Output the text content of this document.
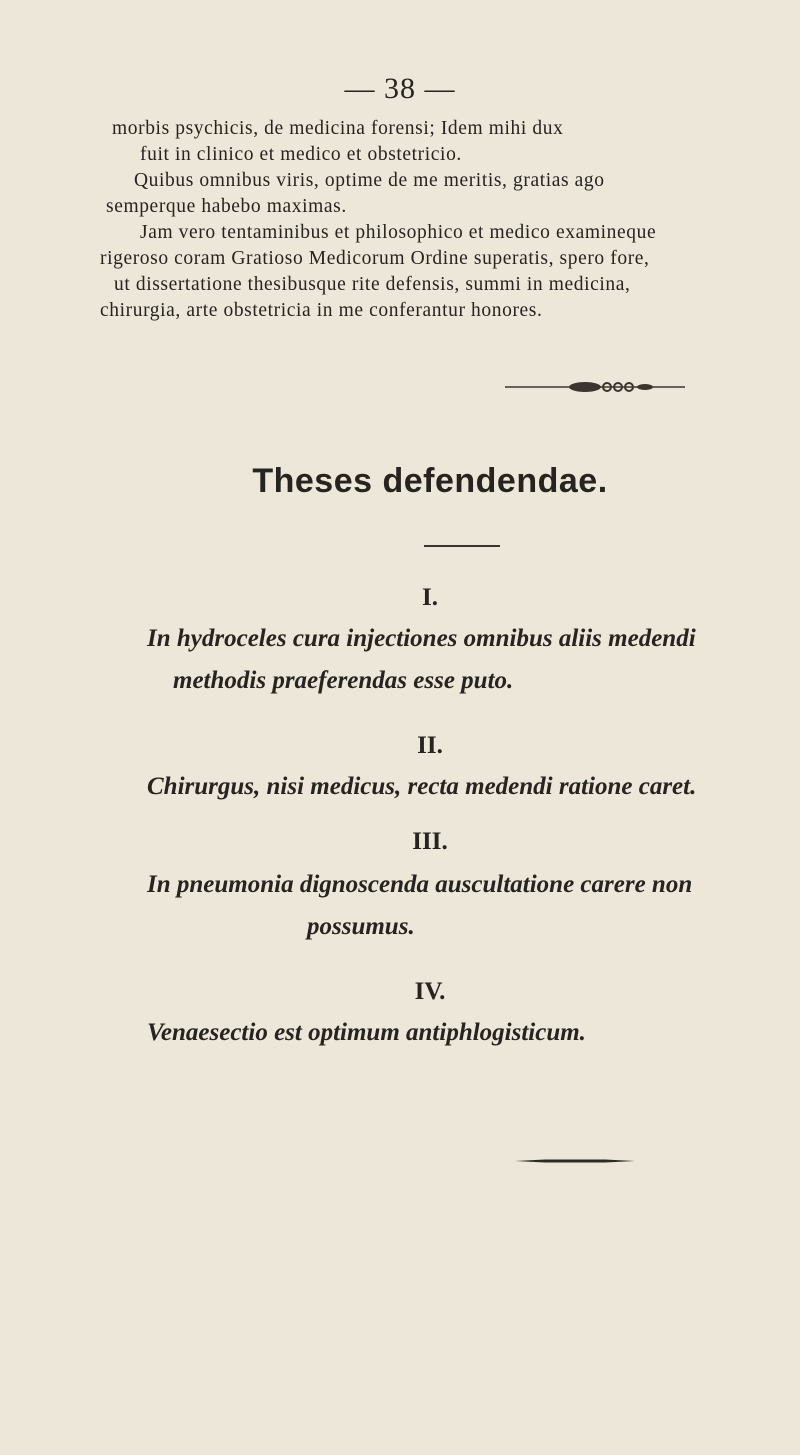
— 38 —
morbis psychicis, de medicina forensi; Idem mihi dux
fuit in clinico et medico et obstetricio.
Quibus omnibus viris, optime de me meritis, gratias ago
semperque habebo maximas.
Jam vero tentaminibus et philosophico et medico examineque
rigeroso coram Gratioso Medicorum Ordine superatis, spero fore,
ut dissertatione thesibusque rite defensis, summi in medicina,
chirurgia, arte obstetricia in me conferantur honores.
Theses defendendae.
I.
In hydroceles cura injectiones omnibus aliis medendi
methodis praeferendas esse puto.
II.
Chirurgus, nisi medicus, recta medendi ratione caret.
III.
In pneumonia dignoscenda auscultatione carere non
possumus.
IV.
Venaesectio est optimum antiphlogisticum.
